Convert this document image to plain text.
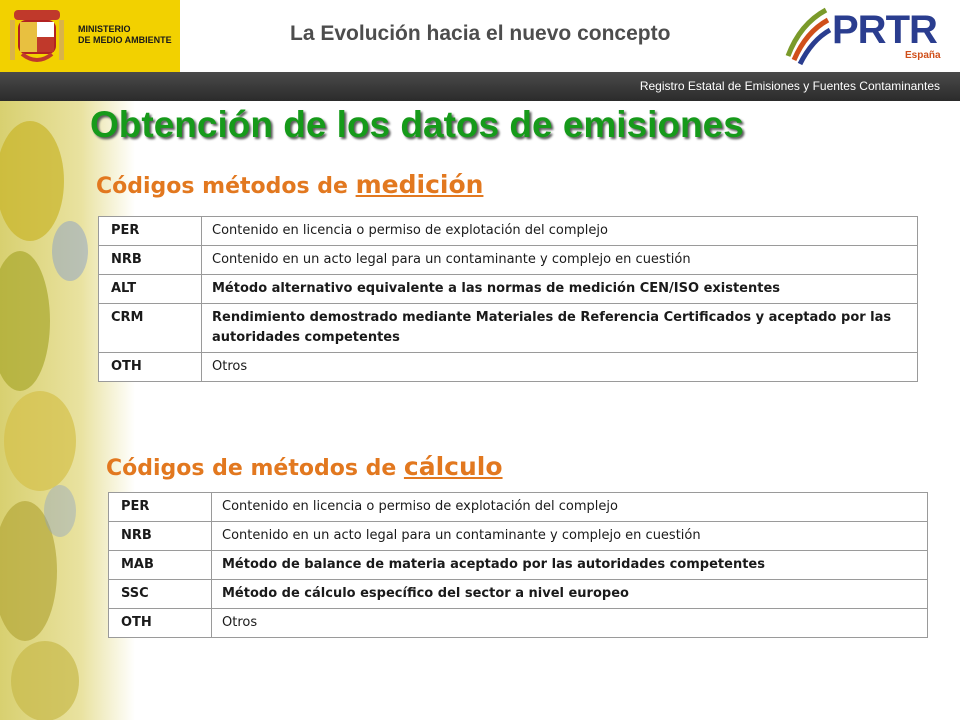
MINISTERIO
DE MEDIO AMBIENTE	La Evolución hacia el nuevo concepto	PRTR
España
Registro Estatal de Emisiones y Fuentes Contaminantes
Obtención de los datos de emisiones
Códigos métodos de medición
PER	Contenido en licencia o permiso de explotación del complejo
NRB	Contenido en un acto legal para un contaminante y complejo en cuestión
ALT	Método alternativo equivalente a las normas de medición CEN/ISO existentes
CRM	Rendimiento demostrado mediante Materiales de Referencia Certificados y aceptado por las autoridades competentes
OTH	Otros
Códigos de métodos de cálculo
PER	Contenido en licencia o permiso de explotación del complejo
NRB	Contenido en un acto legal para un contaminante y complejo en cuestión
MAB	Método de balance de materia aceptado por las autoridades competentes
SSC	Método de cálculo específico del sector a nivel europeo
OTH	Otros
